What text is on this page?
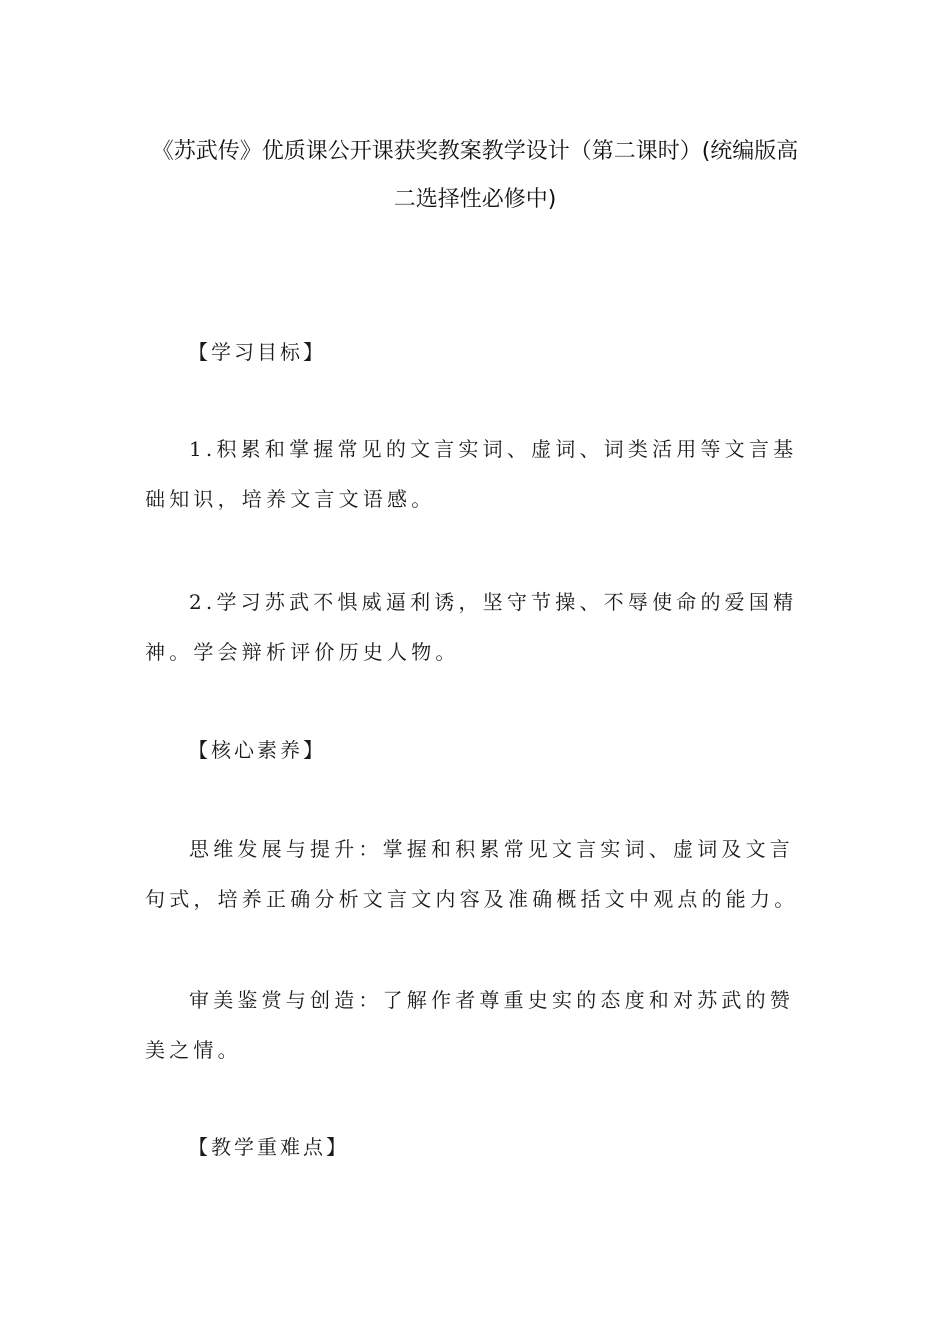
《苏武传》优质课公开课获奖教案教学设计（第二课时）(统编版高
二选择性必修中)
【学习目标】

1.积累和掌握常见的文言实词、虚词、词类活用等文言基础知识，培养文言文语感。

2.学习苏武不惧威逼利诱，坚守节操、不辱使命的爱国精神。学会辩析评价历史人物。

【核心素养】

思维发展与提升：掌握和积累常见文言实词、虚词及文言句式，培养正确分析文言文内容及准确概括文中观点的能力。

审美鉴赏与创造：了解作者尊重史实的态度和对苏武的赞美之情。

【教学重难点】
